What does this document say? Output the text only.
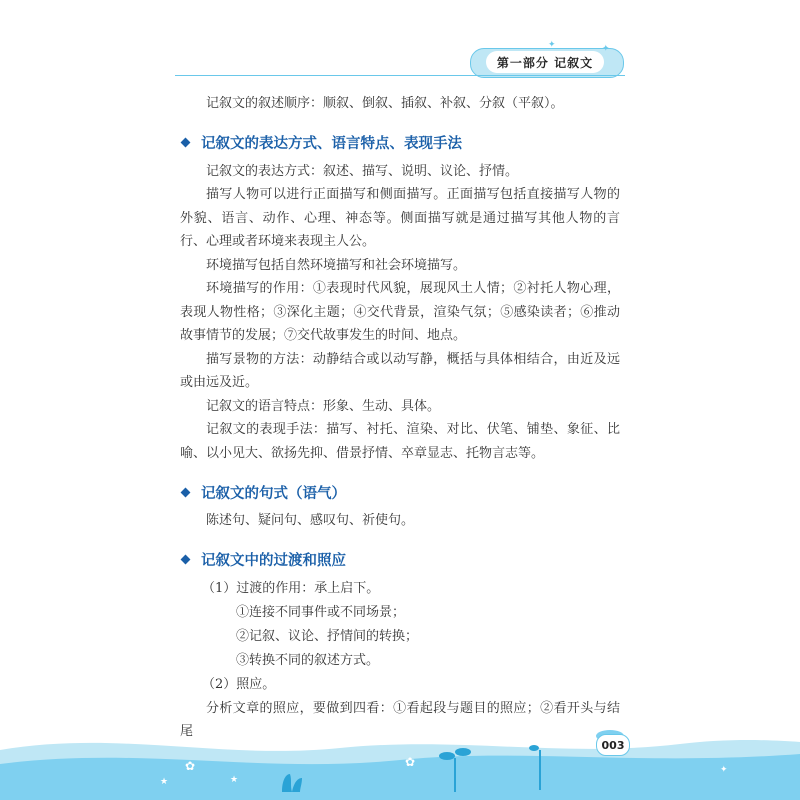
第一部分 记叙文
✦	✦

记叙文的叙述顺序：顺叙、倒叙、插叙、补叙、分叙（平叙）。

记叙文的表达方式、语言特点、表现手法

记叙文的表达方式：叙述、描写、说明、议论、抒情。

描写人物可以进行正面描写和侧面描写。正面描写包括直接描写人物的外貌、语言、动作、心理、神态等。侧面描写就是通过描写其他人物的言行、心理或者环境来表现主人公。

环境描写包括自然环境描写和社会环境描写。

环境描写的作用：①表现时代风貌，展现风土人情；②衬托人物心理，表现人物性格；③深化主题；④交代背景，渲染气氛；⑤感染读者；⑥推动故事情节的发展；⑦交代故事发生的时间、地点。

描写景物的方法：动静结合或以动写静，概括与具体相结合，由近及远或由远及近。

记叙文的语言特点：形象、生动、具体。

记叙文的表现手法：描写、衬托、渲染、对比、伏笔、铺垫、象征、比喻、以小见大、欲扬先抑、借景抒情、卒章显志、托物言志等。

记叙文的句式（语气）

陈述句、疑问句、感叹句、祈使句。

记叙文中的过渡和照应

（1）过渡的作用：承上启下。

①连接不同事件或不同场景；

②记叙、议论、抒情间的转换；

③转换不同的叙述方式。

（2）照应。

分析文章的照应，要做到四看：①看起段与题目的照应；②看开头与结尾

✿	✿
★	★
✦
003
